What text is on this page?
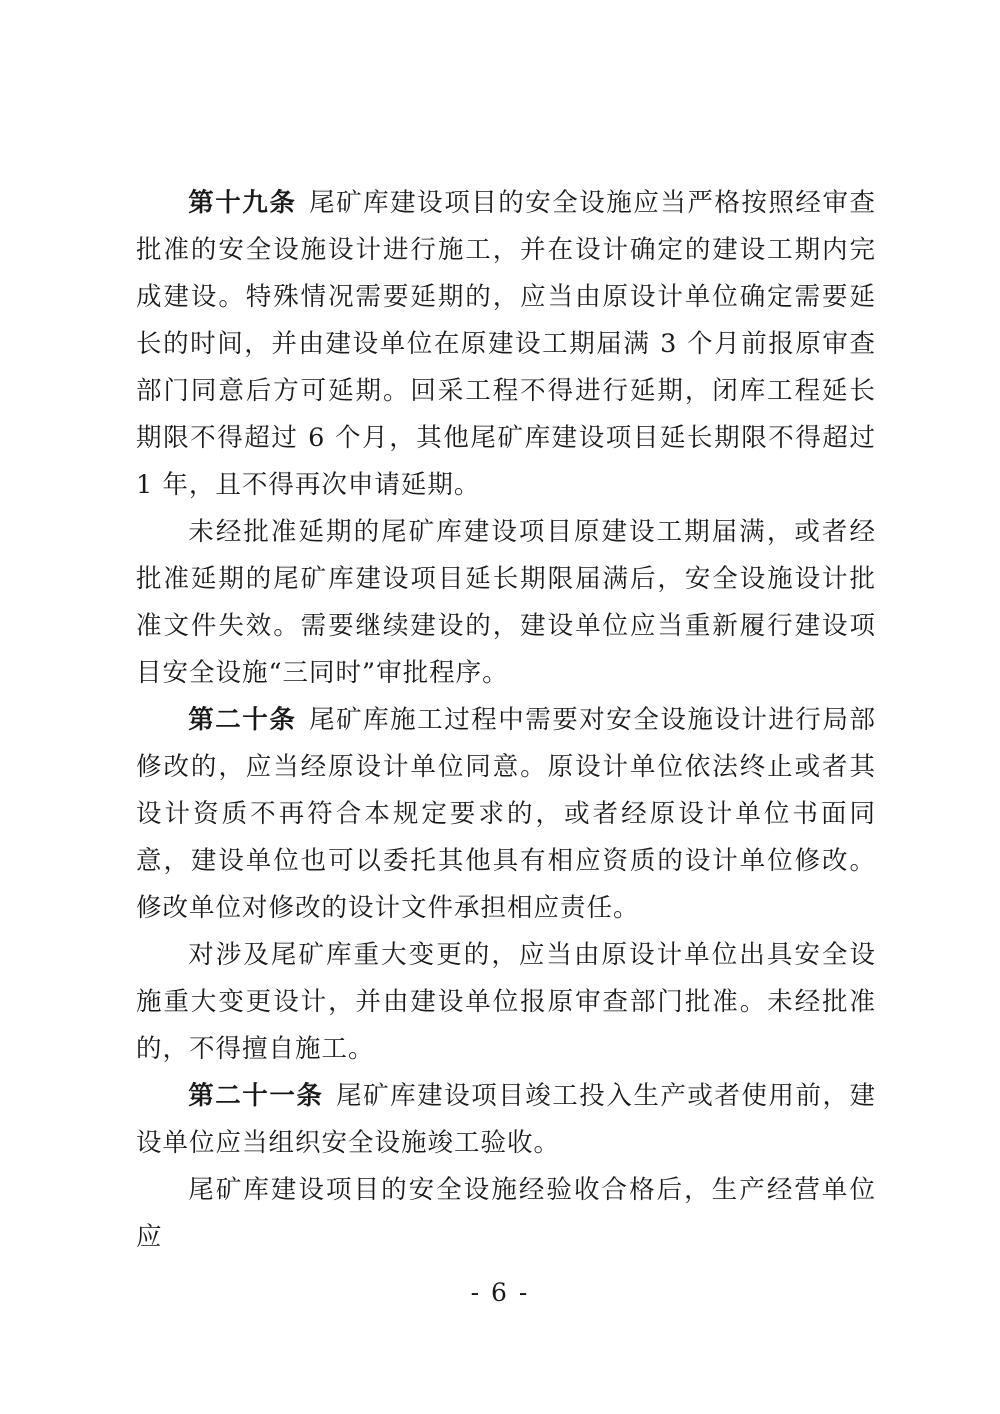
第十九条 尾矿库建设项目的安全设施应当严格按照经审查批准的安全设施设计进行施工，并在设计确定的建设工期内完成建设。特殊情况需要延期的，应当由原设计单位确定需要延长的时间，并由建设单位在原建设工期届满 3 个月前报原审查部门同意后方可延期。回采工程不得进行延期，闭库工程延长期限不得超过 6 个月，其他尾矿库建设项目延长期限不得超过 1 年，且不得再次申请延期。

未经批准延期的尾矿库建设项目原建设工期届满，或者经批准延期的尾矿库建设项目延长期限届满后，安全设施设计批准文件失效。需要继续建设的，建设单位应当重新履行建设项目安全设施“三同时”审批程序。

第二十条 尾矿库施工过程中需要对安全设施设计进行局部修改的，应当经原设计单位同意。原设计单位依法终止或者其设计资质不再符合本规定要求的，或者经原设计单位书面同意，建设单位也可以委托其他具有相应资质的设计单位修改。修改单位对修改的设计文件承担相应责任。

对涉及尾矿库重大变更的，应当由原设计单位出具安全设施重大变更设计，并由建设单位报原审查部门批准。未经批准的，不得擅自施工。

第二十一条 尾矿库建设项目竣工投入生产或者使用前，建设单位应当组织安全设施竣工验收。

尾矿库建设项目的安全设施经验收合格后，生产经营单位应

- 6 -
